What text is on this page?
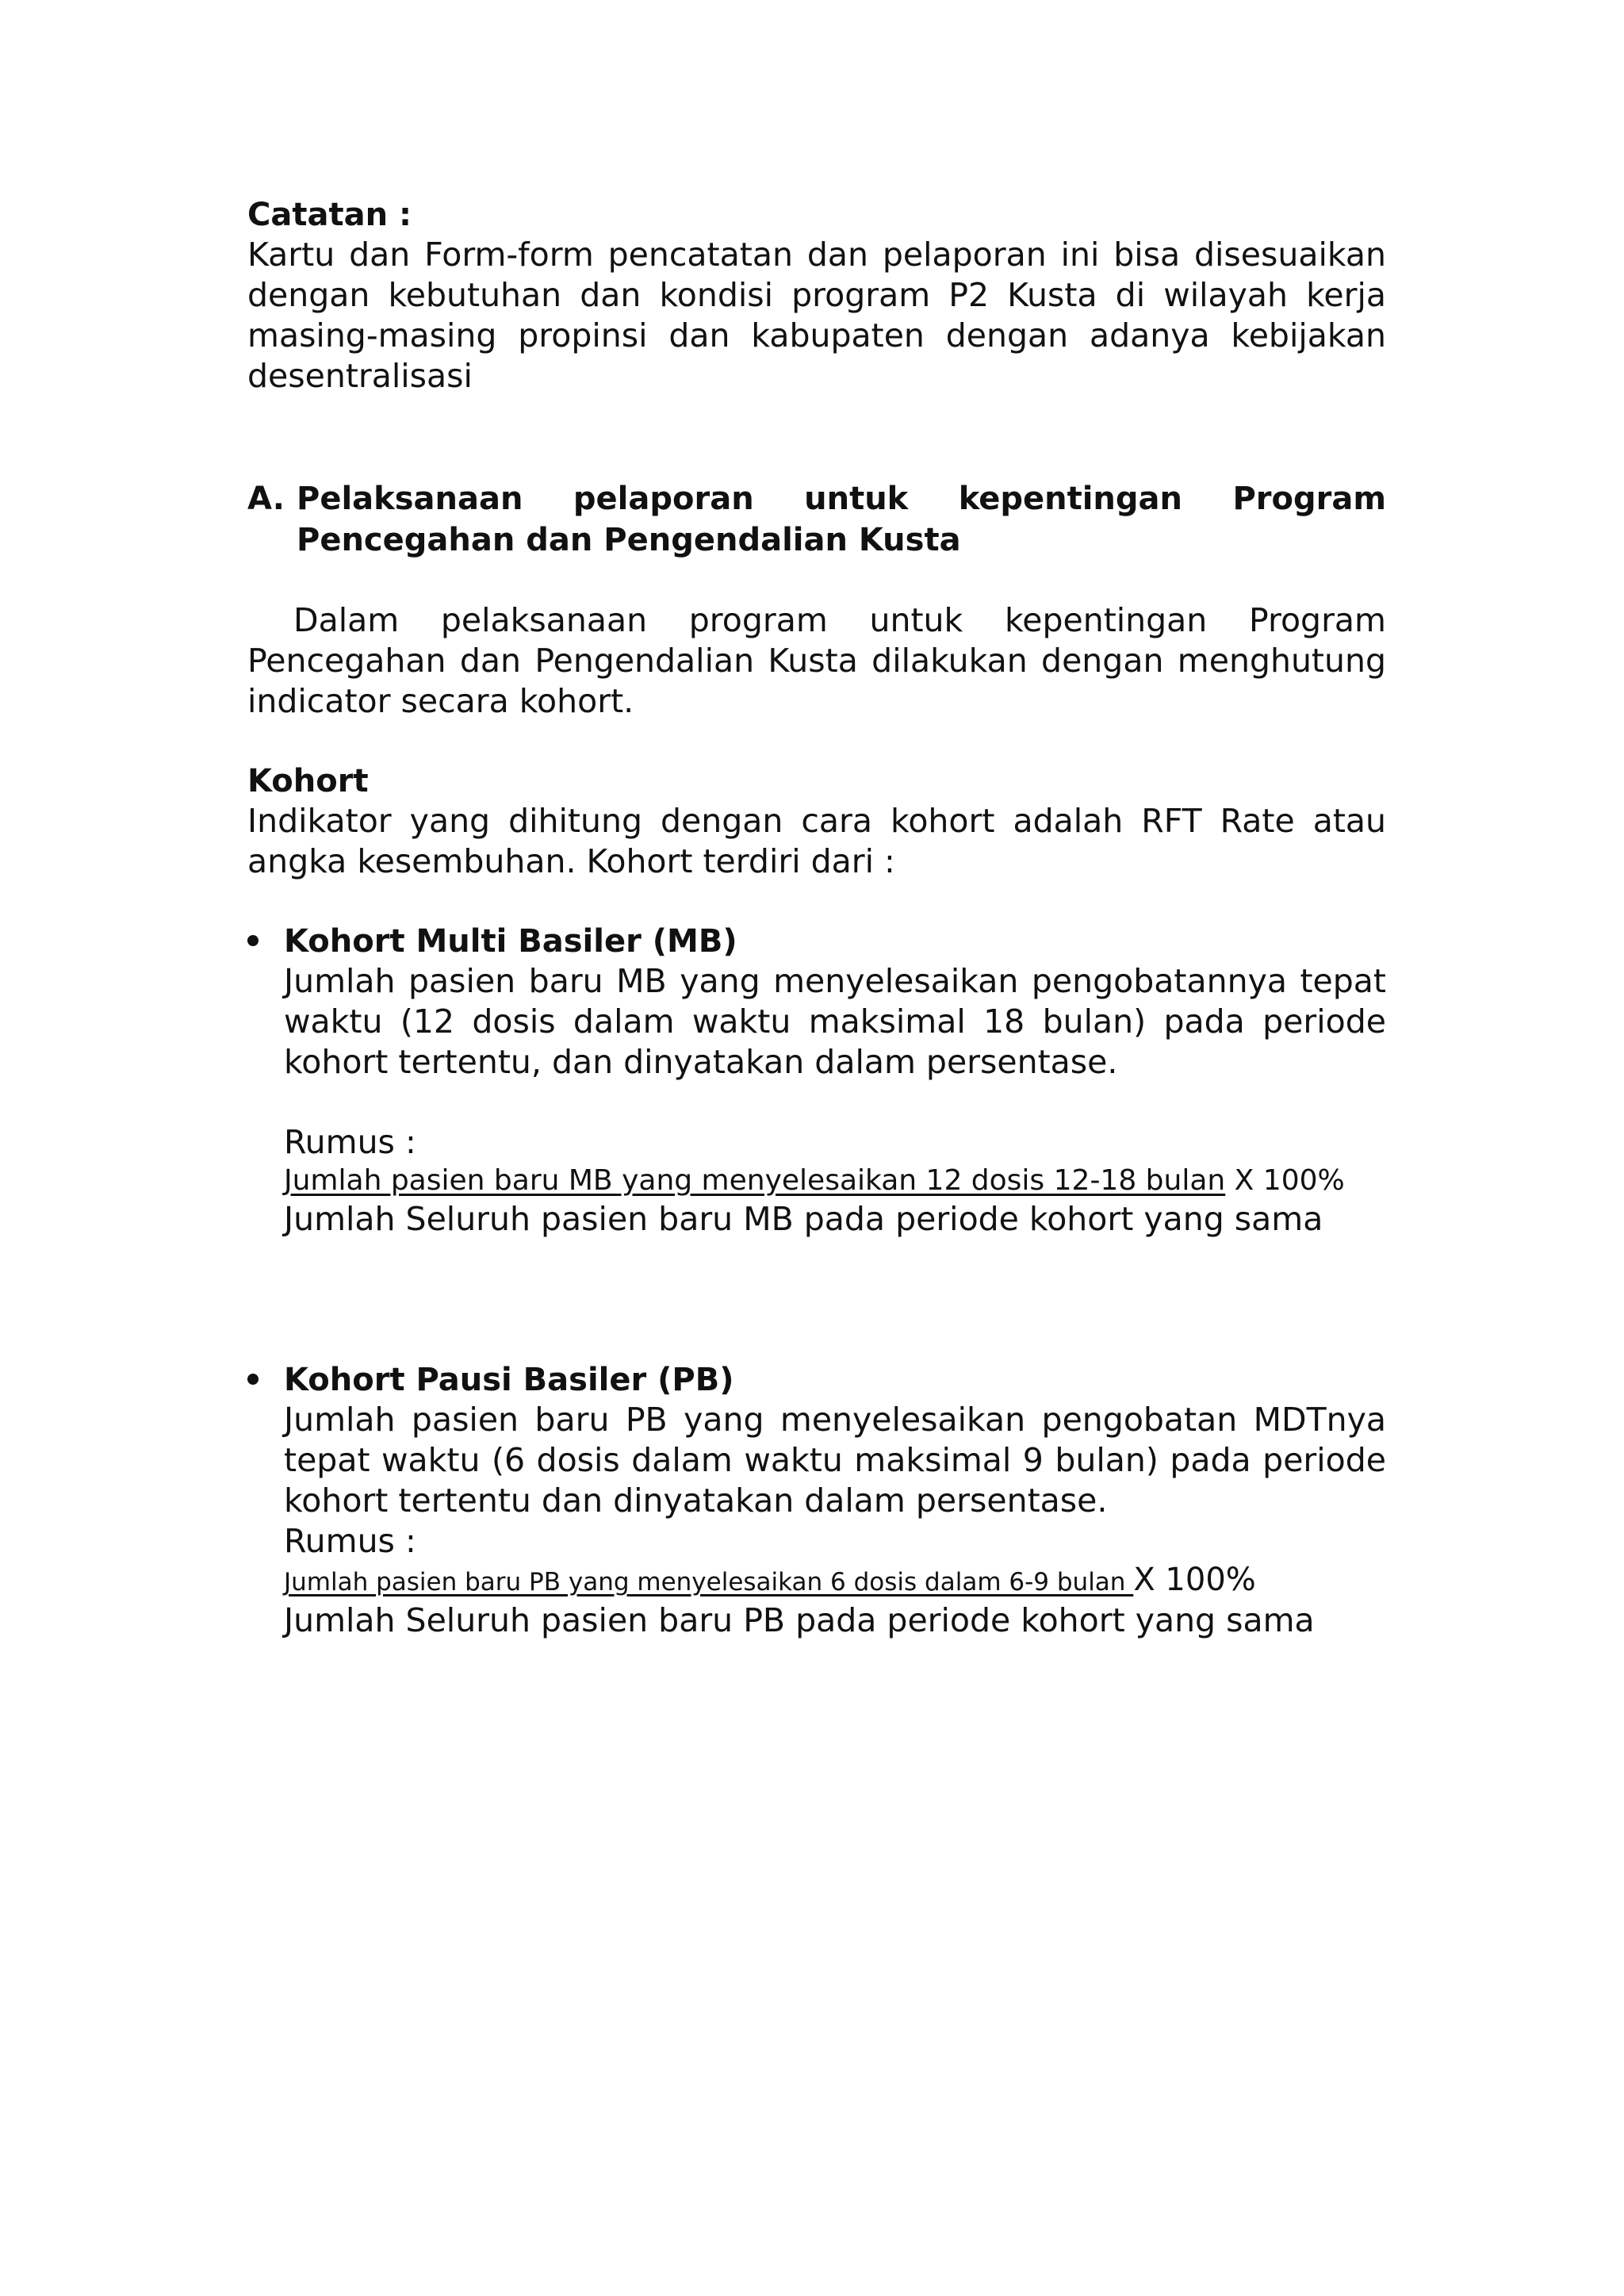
Catatan :

Kartu dan Form-form pencatatan dan pelaporan ini bisa disesuaikan dengan kebutuhan dan kondisi program P2 Kusta di wilayah kerja masing-masing propinsi dan kabupaten dengan adanya kebijakan desentralisasi

A. Pelaksanaan pelaporan untuk kepentingan Program Pencegahan dan Pengendalian Kusta

Dalam pelaksanaan program untuk kepentingan Program Pencegahan dan Pengendalian Kusta dilakukan dengan menghutung indicator secara kohort.

Kohort

Indikator yang dihitung dengan cara kohort adalah RFT Rate atau angka kesembuhan. Kohort terdiri dari :

Kohort Multi Basiler (MB)

Jumlah pasien baru MB yang menyelesaikan pengobatannya tepat waktu (12 dosis dalam waktu maksimal 18 bulan) pada periode kohort tertentu, dan dinyatakan dalam persentase.

Rumus :
Jumlah pasien baru MB yang menyelesaikan 12 dosis 12-18 bulan X 100%
Jumlah Seluruh pasien baru MB pada periode kohort yang sama
Kohort Pausi Basiler (PB)

Jumlah pasien baru PB yang menyelesaikan pengobatan MDTnya tepat waktu (6 dosis dalam waktu maksimal 9 bulan) pada periode kohort tertentu dan dinyatakan dalam persentase.

Rumus :
Jumlah pasien baru PB yang menyelesaikan 6 dosis dalam 6-9 bulan X 100%
Jumlah Seluruh pasien baru PB pada periode kohort yang sama
